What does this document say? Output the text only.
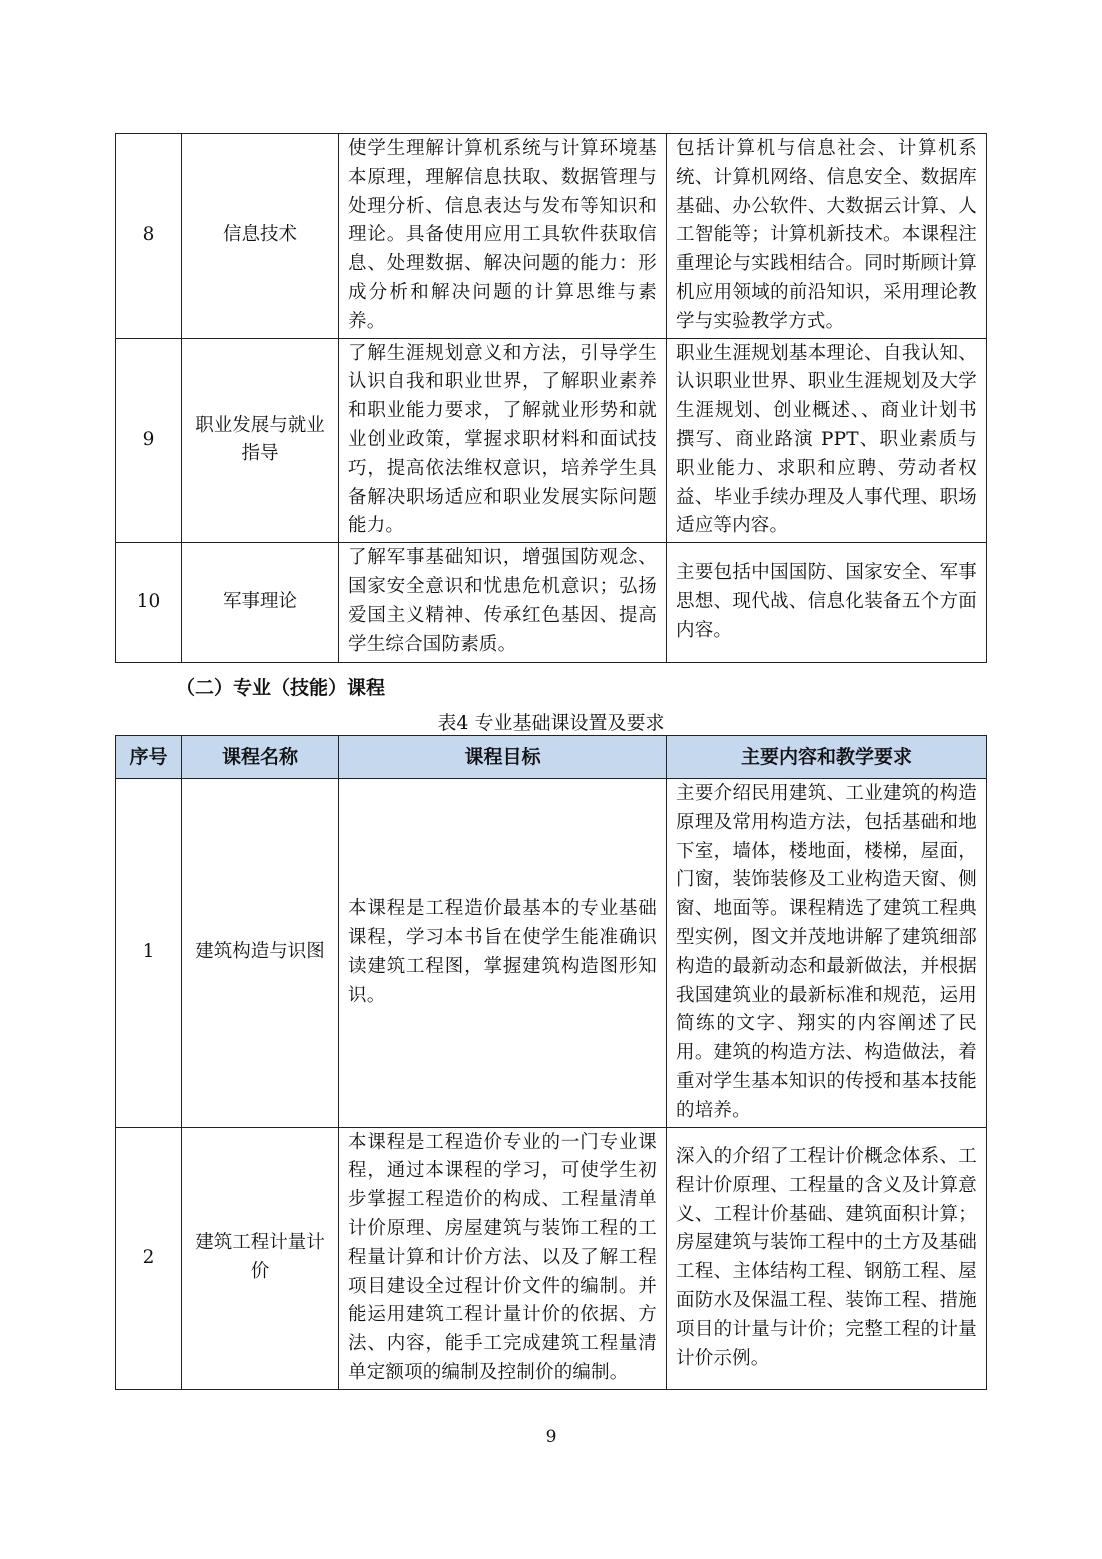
8	信息技术	使学生理解计算机系统与计算环境基本原理，理解信息扶取、数据管理与处理分析、信息表达与发布等知识和理论。具备使用应用工具软件获取信息、处理数据、解决问题的能力：形成分析和解决问题的计算思维与素养。	包括计算机与信息社会、计算机系统、计算机网络、信息安全、数据库基础、办公软件、大数据云计算、人工智能等；计算机新技术。本课程注重理论与实践相结合。同时斯顾计算机应用领域的前沿知识，采用理论教学与实验教学方式。
9	职业发展与就业指导	了解生涯规划意义和方法，引导学生认识自我和职业世界，了解职业素养和职业能力要求，了解就业形势和就业创业政策，掌握求职材料和面试技巧，提高依法维权意识，培养学生具备解决职场适应和职业发展实际问题能力。	职业生涯规划基本理论、自我认知、认识职业世界、职业生涯规划及大学生涯规划、创业概述、、商业计划书撰写、商业路演 PPT、职业素质与职业能力、求职和应聘、劳动者权益、毕业手续办理及人事代理、职场适应等内容。
10	军事理论	了解军事基础知识，增强国防观念、国家安全意识和忧患危机意识；弘扬爱国主义精神、传承红色基因、提高学生综合国防素质。	主要包括中国国防、国家安全、军事思想、现代战、信息化装备五个方面内容。
（二）专业（技能）课程
表4 专业基础课设置及要求
序号	课程名称	课程目标	主要内容和教学要求
1	建筑构造与识图	本课程是工程造价最基本的专业基础课程，学习本书旨在使学生能准确识读建筑工程图，掌握建筑构造图形知识。	主要介绍民用建筑、工业建筑的构造原理及常用构造方法，包括基础和地下室，墙体，楼地面，楼梯，屋面，门窗，装饰装修及工业构造天窗、侧窗、地面等。课程精选了建筑工程典型实例，图文并茂地讲解了建筑细部构造的最新动态和最新做法，并根据我国建筑业的最新标准和规范，运用简练的文字、翔实的内容阐述了民用。建筑的构造方法、构造做法，着重对学生基本知识的传授和基本技能的培养。
2	建筑工程计量计价	本课程是工程造价专业的一门专业课程，通过本课程的学习，可使学生初步掌握工程造价的构成、工程量清单计价原理、房屋建筑与装饰工程的工程量计算和计价方法、以及了解工程项目建设全过程计价文件的编制。并能运用建筑工程计量计价的依据、方法、内容，能手工完成建筑工程量清单定额项的编制及控制价的编制。	深入的介绍了工程计价概念体系、工程计价原理、工程量的含义及计算意义、工程计价基础、建筑面积计算；房屋建筑与装饰工程中的土方及基础工程、主体结构工程、钢筋工程、屋面防水及保温工程、装饰工程、措施项目的计量与计价；完整工程的计量计价示例。
9
